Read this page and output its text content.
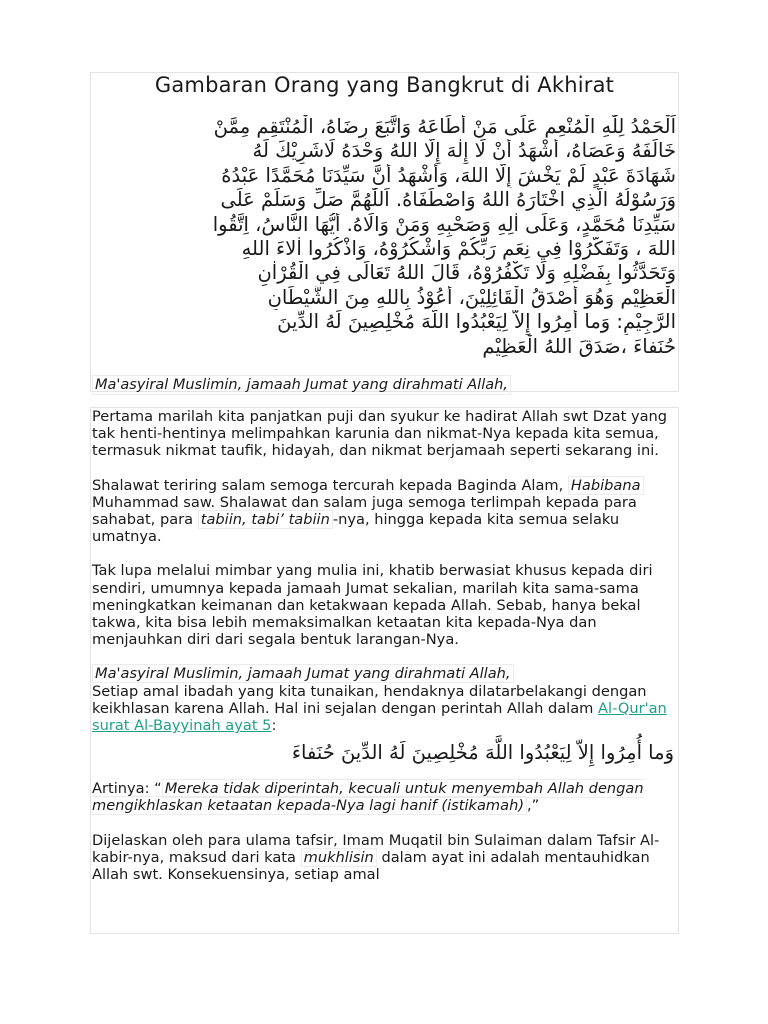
Gambaran Orang yang Bangkrut di Akhirat
اَلْحَمْدُ لِلّٰهِ الْمُنْعِمِ عَلَى مَنْ أَطَاعَهُ وَاتَّبَعَ رِضَاهُ، الْمُنْتَقِمِ مِمَّنْ
خَالَفَهُ وَعَصَاهُ، أَشْهَدُ أَنْ لَا إِلٰهَ إِلَّا اللهُ وَحْدَهُ لَاشَرِيْكَ لَهُ
شَهَادَةَ عَبْدٍ لَمْ يَخْشَ إِلَّا اللهَ، وَأَشْهَدُ أَنَّ سَيِّدَنَا مُحَمَّدًا عَبْدُهُ
وَرَسُوْلُهُ الَّذِي اخْتَارَهُ اللهُ وَاصْطَفَاهُ. اَللّٰهُمَّ صَلِّ وَسَلِّمْ عَلَى
سَيِّدِنَا مُحَمَّدٍ، وَعَلَى اٰلِهِ وَصَحْبِهِ وَمَنْ وَالَاهُ. أَيُّهَا النَّاسُ، اِتَّقُوا
اللهَ ، وَتَفَكَّرُوْا فِي نِعَمِ رَبِّكُمْ وَاشْكُرُوْهُ، وَاذْكُرُوا اٰلاءَ اللهِ
وَتَحَدَّثُوا بِفَضْلِهِ وَلَا تَكْفُرُوْهُ، قَالَ اللهُ تَعَالَى فِي الْقُرْاٰنِ
الْعَظِيْمِ وَهُوَ أَصْدَقُ الْقَائِلِيْنَ، أَعُوْذُ بِاللهِ مِنَ الشَّيْطَانِ
الرَّجِيْمِ: وَما أُمِرُوا إِلاّ لِيَعْبُدُوا اللَّهَ مُخْلِصِينَ لَهُ الدِّينَ
حُنَفاءَ ،صَدَقَ اللهُ الْعَظِيْمِ
Ma'asyiral Muslimin, jamaah Jumat yang dirahmati Allah,

Pertama marilah kita panjatkan puji dan syukur ke hadirat Allah swt Dzat yang tak henti-hentinya melimpahkan karunia dan nikmat-Nya kepada kita semua, termasuk nikmat taufik, hidayah, dan nikmat berjamaah seperti sekarang ini.

Shalawat teriring salam semoga tercurah kepada Baginda Alam, Habibana Muhammad saw. Shalawat dan salam juga semoga terlimpah kepada para sahabat, para tabiin, tabi’ tabiin -nya, hingga kepada kita semua selaku umatnya.

Tak lupa melalui mimbar yang mulia ini, khatib berwasiat khusus kepada diri sendiri, umumnya kepada jamaah Jumat sekalian, marilah kita sama-sama meningkatkan keimanan dan ketakwaan kepada Allah. Sebab, hanya bekal takwa, kita bisa lebih memaksimalkan ketaatan kita kepada-Nya dan menjauhkan diri dari segala bentuk larangan-Nya.

Ma'asyiral Muslimin, jamaah Jumat yang dirahmati Allah,

Setiap amal ibadah yang kita tunaikan, hendaknya dilatarbelakangi dengan keikhlasan karena Allah. Hal ini sejalan dengan perintah Allah dalam Al-Qur'an surat Al-Bayyinah ayat 5:

وَما أُمِرُوا إِلاّ لِيَعْبُدُوا اللَّهَ مُخْلِصِينَ لَهُ الدِّينَ حُنَفاءَ

Artinya: “ Mereka tidak diperintah, kecuali untuk menyembah Allah dengan mengikhlaskan ketaatan kepada-Nya lagi hanif (istikamah) ,”

Dijelaskan oleh para ulama tafsir, Imam Muqatil bin Sulaiman dalam Tafsir Al-kabir-nya, maksud dari kata mukhlisin dalam ayat ini adalah mentauhidkan Allah swt. Konsekuensinya, setiap amal
